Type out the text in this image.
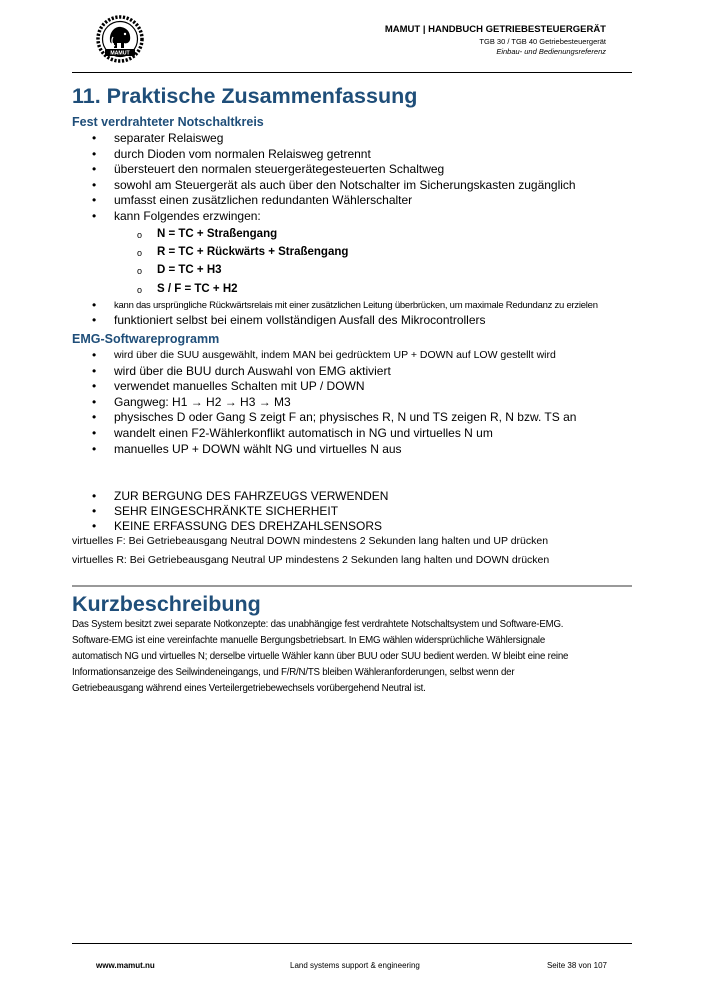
MAMUT
MAMUT | HANDBUCH GETRIEBESTEUERGERÄT
TGB 30 / TGB 40 Getriebesteuergerät
Einbau- und Bedienungsreferenz
11. Praktische Zusammenfassung
Fest verdrahteter Notschaltkreis
• separater Relaisweg
• durch Dioden vom normalen Relaisweg getrennt
• übersteuert den normalen steuergerätegesteuerten Schaltweg
• sowohl am Steuergerät als auch über den Notschalter im Sicherungskasten zugänglich
• umfasst einen zusätzlichen redundanten Wählerschalter
• kann Folgendes erzwingen:
o N = TC + Straßengang
o R = TC + Rückwärts + Straßengang
o D = TC + H3
o S / F = TC + H2
• kann das ursprüngliche Rückwärtsrelais mit einer zusätzlichen Leitung überbrücken, um maximale Redundanz zu erzielen
• funktioniert selbst bei einem vollständigen Ausfall des Mikrocontrollers
EMG-Softwareprogramm
• wird über die SUU ausgewählt, indem MAN bei gedrücktem UP + DOWN auf LOW gestellt wird
• wird über die BUU durch Auswahl von EMG aktiviert
• verwendet manuelles Schalten mit UP / DOWN
• Gangweg: H1 → H2 → H3 → M3
• physisches D oder Gang S zeigt F an; physisches R, N und TS zeigen R, N bzw. TS an
• wandelt einen F2-Wählerkonflikt automatisch in NG und virtuelles N um
• manuelles UP + DOWN wählt NG und virtuelles N aus
• ZUR BERGUNG DES FAHRZEUGS VERWENDEN
• SEHR EINGESCHRÄNKTE SICHERHEIT
• KEINE ERFASSUNG DES DREHZAHLSENSORS
virtuelles F: Bei Getriebeausgang Neutral DOWN mindestens 2 Sekunden lang halten und UP drücken
virtuelles R: Bei Getriebeausgang Neutral UP mindestens 2 Sekunden lang halten und DOWN drücken
Kurzbeschreibung
Das System besitzt zwei separate Notkonzepte: das unabhängige fest verdrahtete Notschaltsystem und Software-EMG.
Software-EMG ist eine vereinfachte manuelle Bergungsbetriebsart. In EMG wählen widersprüchliche Wählersignale
automatisch NG und virtuelles N; derselbe virtuelle Wähler kann über BUU oder SUU bedient werden. W bleibt eine reine
Informationsanzeige des Seilwindeneingangs, und F/R/N/TS bleiben Wähleranforderungen, selbst wenn der
Getriebeausgang während eines Verteilergetriebewechsels vorübergehend Neutral ist.
www.mamut.nu	Land systems support & engineering	Seite 38 von 107
